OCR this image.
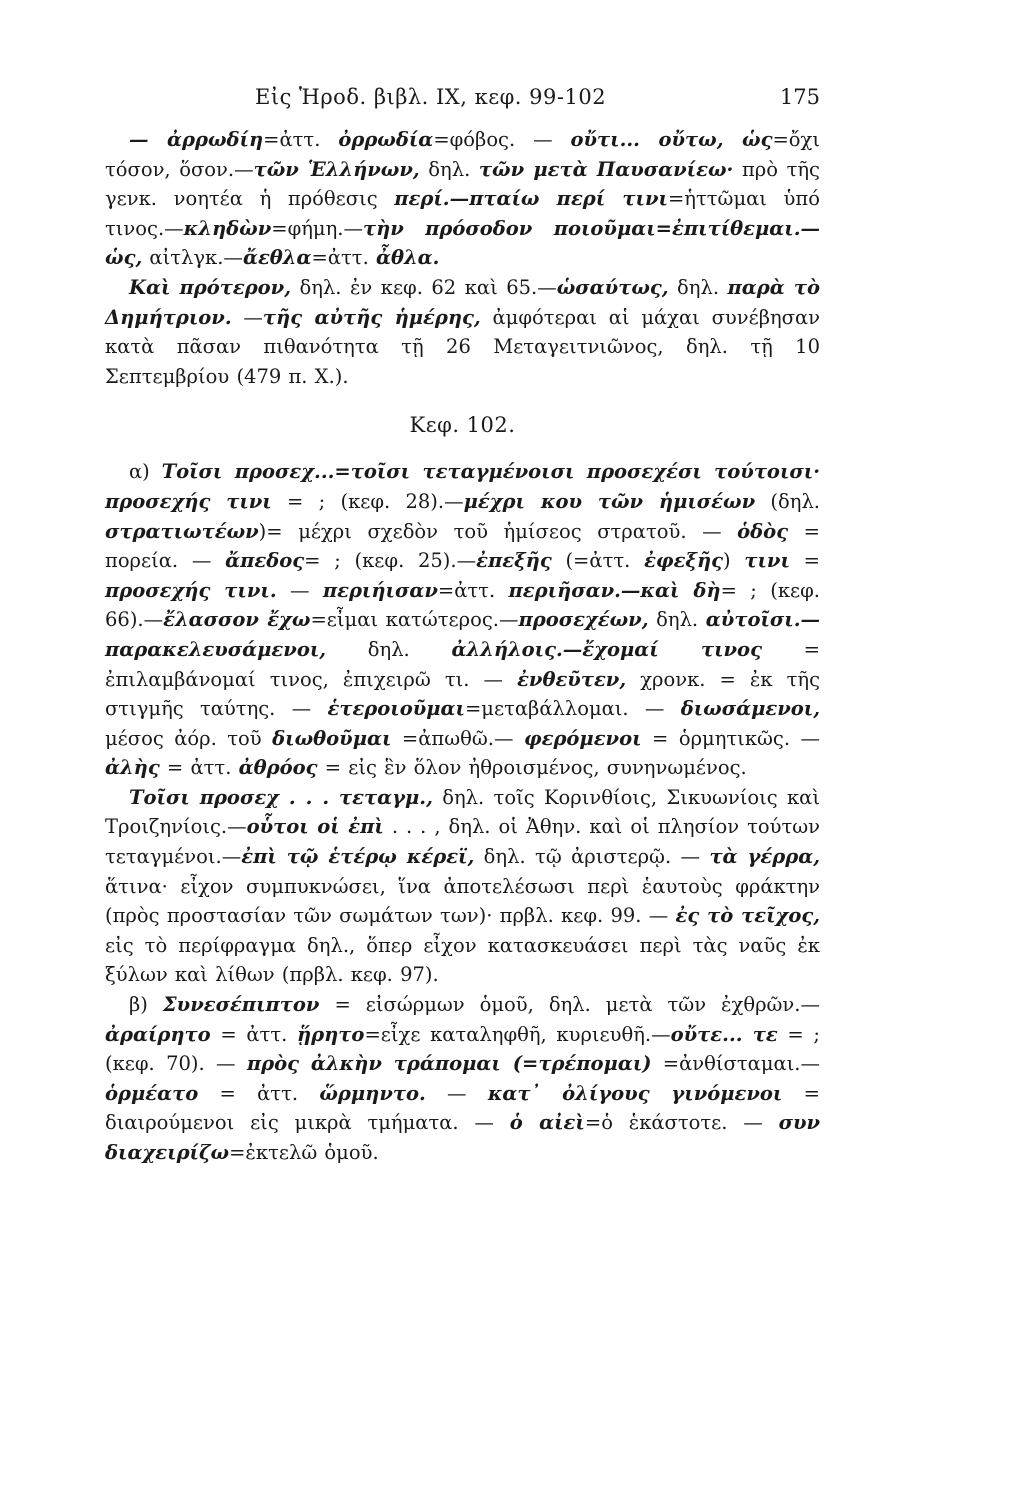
Εἰς Ἡροδ. βιβλ. IX, κεφ. 99-102	175

— ἀρρωδίη=ἀττ. ὀρρωδία=φόβος. — οὔτι... οὔτω, ὡς=ὄχι τόσον, ὅσον.—τῶν Ἑλλήνων, δηλ. τῶν μετὰ Παυσανίεω· πρὸ τῆς γενκ. νοητέα ἡ πρόθεσις περί.—πταίω περί τινι=ἡττῶμαι ὑπό τινος.—κληδὼν=φήμη.—τὴν πρόσοδον ποιοῦμαι=ἐπιτίθεμαι.—ὡς, αἰτλγκ.—ἄεθλα=ἀττ. ἆθλα.

Καὶ πρότερον, δηλ. ἐν κεφ. 62 καὶ 65.—ὡσαύτως, δηλ. παρὰ τὸ Δημήτριον. —τῆς αὐτῆς ἡμέρης, ἀμφότεραι αἱ μάχαι συνέβησαν κατὰ πᾶσαν πιθανότητα τῇ 26 Μεταγειτνιῶνος, δηλ. τῇ 10 Σεπτεμβρίου (479 π. Χ.).

Κεφ. 102.

α) Τοῖσι προσεχ...=τοῖσι τεταγμένοισι προσεχέσι τούτοισι· προσεχής τινι = ; (κεφ. 28).—μέχρι κου τῶν ἡμισέων (δηλ. στρατιωτέων)= μέχρι σχεδὸν τοῦ ἡμίσεος στρατοῦ. — ὁδὸς = πορεία. — ἄπεδος= ; (κεφ. 25).—ἐπεξῆς (=ἀττ. ἐφεξῆς) τινι = προσεχής τινι. — περιήισαν=ἀττ. περιῆσαν.—καὶ δὴ= ; (κεφ. 66).—ἔλασσον ἔχω=εἶμαι κατώτερος.—προσεχέων, δηλ. αὐτοῖσι.— παρακελευσάμενοι, δηλ. ἀλλήλοις.—ἔχομαί τινος = ἐπιλαμβάνομαί τινος, ἐπιχειρῶ τι. — ἐνθεῦτεν, χρονκ. = ἐκ τῆς στιγμῆς ταύτης. — ἑτεροιοῦμαι=μεταβάλλομαι. — διωσάμενοι, μέσος ἀόρ. τοῦ διωθοῦμαι =ἀπωθῶ.— φερόμενοι = ὁρμητικῶς. — ἀλὴς = ἀττ. ἀθρόος = εἰς ἓν ὅλον ἠθροισμένος, συνηνωμένος.

Τοῖσι προσεχ . . . τεταγμ., δηλ. τοῖς Κορινθίοις, Σικυωνίοις καὶ Τροιζηνίοις.—οὗτοι οἱ ἐπὶ . . . , δηλ. οἱ Ἀθην. καὶ οἱ πλησίον τούτων τεταγμένοι.—ἐπὶ τῷ ἑτέρῳ κέρεϊ, δηλ. τῷ ἀριστερῷ. — τὰ γέρρα, ἅτινα· εἶχον συμπυκνώσει, ἵνα ἀποτελέσωσι περὶ ἑαυτοὺς φράκτην (πρὸς προστασίαν τῶν σωμάτων των)· πρβλ. κεφ. 99. — ἐς τὸ τεῖχος, εἰς τὸ περίφραγμα δηλ., ὅπερ εἶχον κατασκευάσει περὶ τὰς ναῦς ἐκ ξύλων καὶ λίθων (πρβλ. κεφ. 97).

β) Συνεσέπιπτον = εἰσώρμων ὁμοῦ, δηλ. μετὰ τῶν ἐχθρῶν.— ἀραίρητο = ἀττ. ᾕρητο=εἶχε καταληφθῆ, κυριευθῆ.—οὔτε... τε = ; (κεφ. 70). — πρὸς ἀλκὴν τράπομαι (=τρέπομαι) =ἀνθίσταμαι.— ὁρμέατο = ἀττ. ὥρμηντο. — κατ᾽ ὀλίγους γινόμενοι = διαιρούμενοι εἰς μικρὰ τμήματα. — ὁ αἰεὶ=ὁ ἑκάστοτε. — συν διαχειρίζω=ἐκτελῶ ὁμοῦ.
